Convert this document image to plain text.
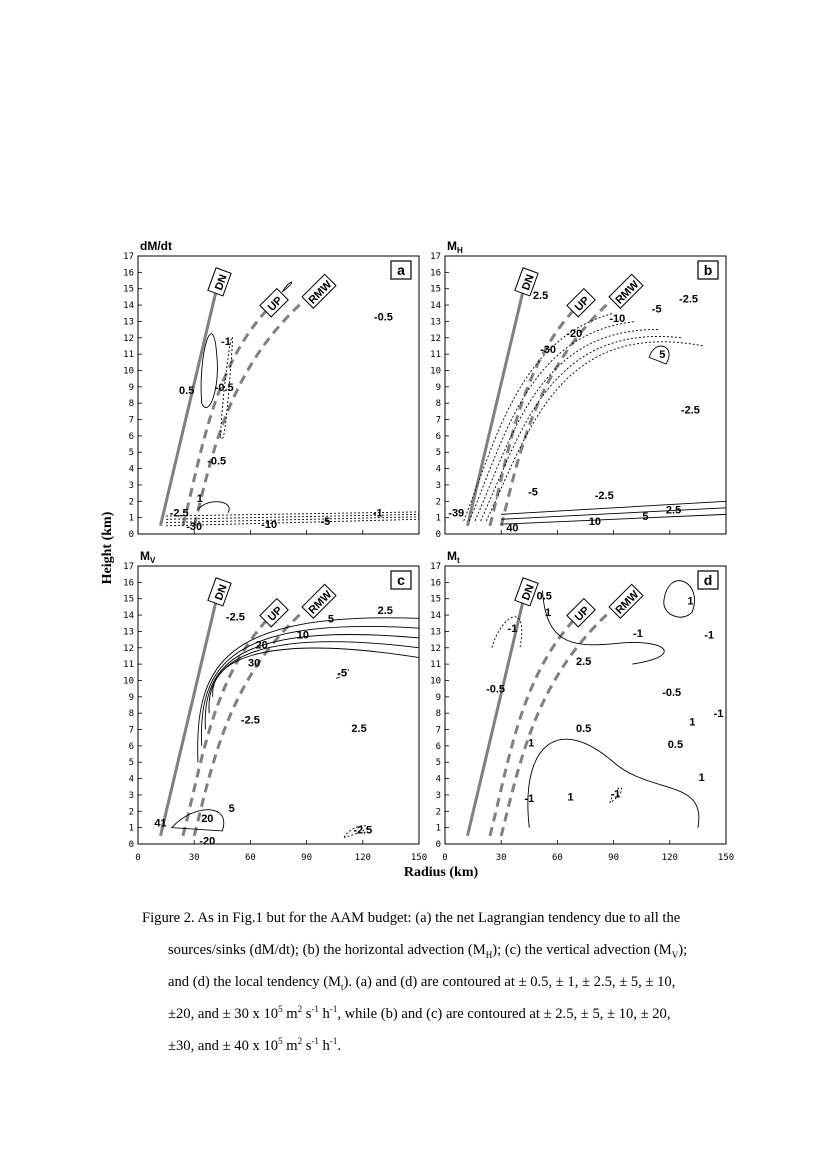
0
1
2
3
4
5
6
7
8
9
10
11
12
13
14
15
16
17
dM/dt
a
DN
UP RMW
-1
0.5 -0.5
-0.5
-0.5
1
-2.5
-30	-10	-5
-1
0
1
2
3
4
5
6
7
8
9
10
11
12
13
14
15
16
17
$M_H$
b
DN
UP RMW
2.5	-2.5
-5
-10
-20
-30	5
-2.5
-5	-2.5
-39	2.5
5
10
40
0
1
2
3
4
5
6
7
8
9
10
11
12
13
14
15
16
17
0	30	60	90	120	150
$M_V$
c
DN
UP RMW
-2.5
2.5
5
10
20
30
-5
-2.5
2.5
5
41	20
-20
-2.5
0
1
2
3
4
5
6
7
8
9
10
11
12
13
14
15
16
17
0	30	60	90	120	150
$M_t$
d
DN
UP RMW
0.5
1
1
-1	-1	-1
2.5
-0.5	-0.5
-1
1
0.5
0.5
1
1
1
-1	-1
Height (km)
Radius (km)
Figure 2. As in Fig.1 but for the AAM budget: (a) the net Lagrangian tendency due to all the
sources/sinks (dM/dt); (b) the horizontal advection $(M_H)$; (c) the vertical advection $(M_V)$;
and (d) the local tendency $(M_t)$. (a) and (d) are contoured at ± 0.5, ± 1, ± 2.5, ± 5, ± 10,
±20, and ± 30 x $10^5$ $m^2$ $s^{-1}$ $h^{-1}$, while (b) and (c) are contoured at ± 2.5, ± 5, ± 10, ± 20,
±30, and ± 40 x $10^5$ $m^2$ $s^{-1}$ $h^{-1}$.
